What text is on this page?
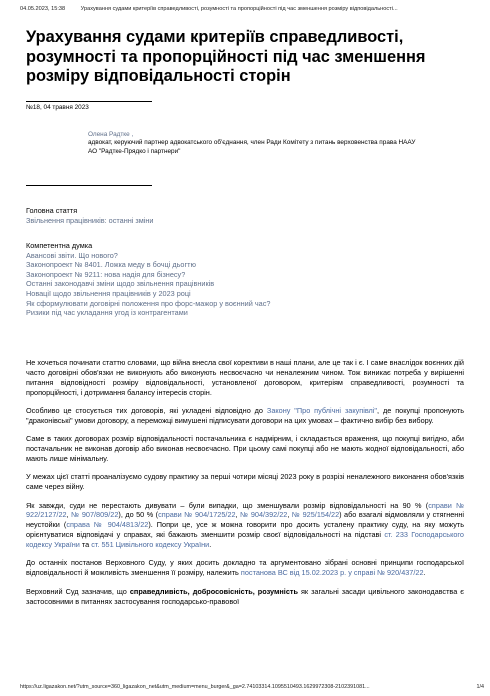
04.05.2023, 15:38	Урахування судами критеріїв справедливості, розумності та пропорційності під час зменшення розміру відповідальності...
Урахування судами критеріїв справедливості, розумності та пропорційності під час зменшення розміру відповідальності сторін
№18, 04 травня 2023
Олена Радтке ,
адвокат, керуючий партнер адвокатського об'єднання, член Ради Комітету з питань верховенства права НААУ
АО "Радтке-Прядко і партнери"
Головна стаття
Звільнення працівників: останні зміни
Компетентна думка
Авансові звіти. Що нового?
Законопроект № 8401. Ложка меду в бочці дьогтю
Законопроект № 9211: нова надія для бізнесу?
Останні законодавчі зміни щодо звільнення працівників
Новації щодо звільнення працівників у 2023 році
Як сформулювати договірні положення про форс-мажор у воєнний час?
Ризики під час укладання угод із контрагентами

Не хочеться починати статтю словами, що війна внесла свої корективи в наші плани, але це так і є. І саме внаслідок воєнних дій часто договірні обов'язки не виконують або виконують несвоєчасно чи неналежним чином. Тож виникає потреба у вирішенні питання відповідності розміру відповідальності, установленої договором, критеріям справедливості, розумності та пропорційності, і дотримання балансу інтересів сторін.

Особливо це стосується тих договорів, які укладені відповідно до Закону "Про публічні закупівлі", де покупці пропонують "драконівські" умови договору, а переможці вимушені підписувати договори на цих умовах – фактично вибір без вибору.

Саме в таких договорах розмір відповідальності постачальника є надмірним, і складається враження, що покупці вигідно, аби постачальник не виконав договір або виконав несвоєчасно. При цьому самі покупці або не мають жодної відповідальності, або мають лише мінімальну.

У межах цієї статті проаналізуємо судову практику за перші чотири місяці 2023 року в розрізі неналежного виконання обов'язків саме через війну.

Як завжди, суди не перестають дивувати – були випадки, що зменшували розмір відповідальності на 90 % (справи № 922/2127/22, № 907/809/22), до 50 % (справи № 904/1725/22, № 904/392/22, № 925/154/22) або взагалі відмовляли у стягненні неустойки (справа № 904/4813/22). Попри це, усе ж можна говорити про досить усталену практику суду, на яку можуть орієнтуватися відповідачі у справах, які бажають зменшити розмір своєї відповідальності на підставі ст. 233 Господарського кодексу України та ст. 551 Цивільного кодексу України.

До останніх постанов Верховного Суду, у яких досить докладно та аргументовано зібрані основні принципи господарської відповідальності й можливість зменшення її розміру, належить постанова ВС від 15.02.2023 р. у справі № 920/437/22.

Верховний Суд зазначив, що справедливість, добросовісність, розумність як загальні засади цивільного законодавства є застосовними в питаннях застосування господарсько-правової

https://uz.ligazakon.net/?utm_source=360_ligazakon_net&utm_medium=menu_burger&_ga=2.74103314.1095510493.1629972308-2102391081...	1/4
